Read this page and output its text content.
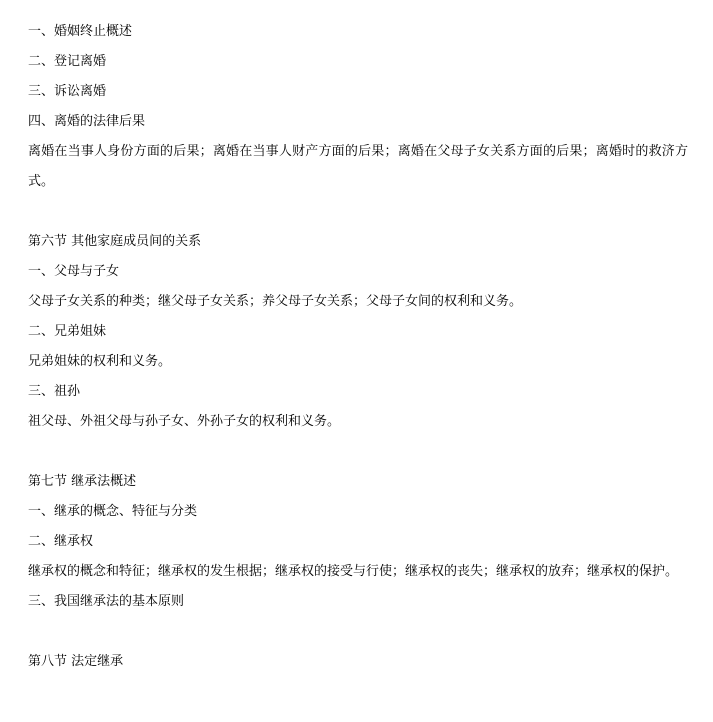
一、婚姻终止概述

二、登记离婚

三、诉讼离婚

四、离婚的法律后果

离婚在当事人身份方面的后果；离婚在当事人财产方面的后果；离婚在父母子女关系方面的后果；离婚时的救济方式。

第六节 其他家庭成员间的关系

一、父母与子女

父母子女关系的种类；继父母子女关系；养父母子女关系；父母子女间的权利和义务。

二、兄弟姐妹

兄弟姐妹的权利和义务。

三、祖孙

祖父母、外祖父母与孙子女、外孙子女的权利和义务。

第七节 继承法概述

一、继承的概念、特征与分类

二、继承权

继承权的概念和特征；继承权的发生根据；继承权的接受与行使；继承权的丧失；继承权的放弃；继承权的保护。

三、我国继承法的基本原则

第八节 法定继承
